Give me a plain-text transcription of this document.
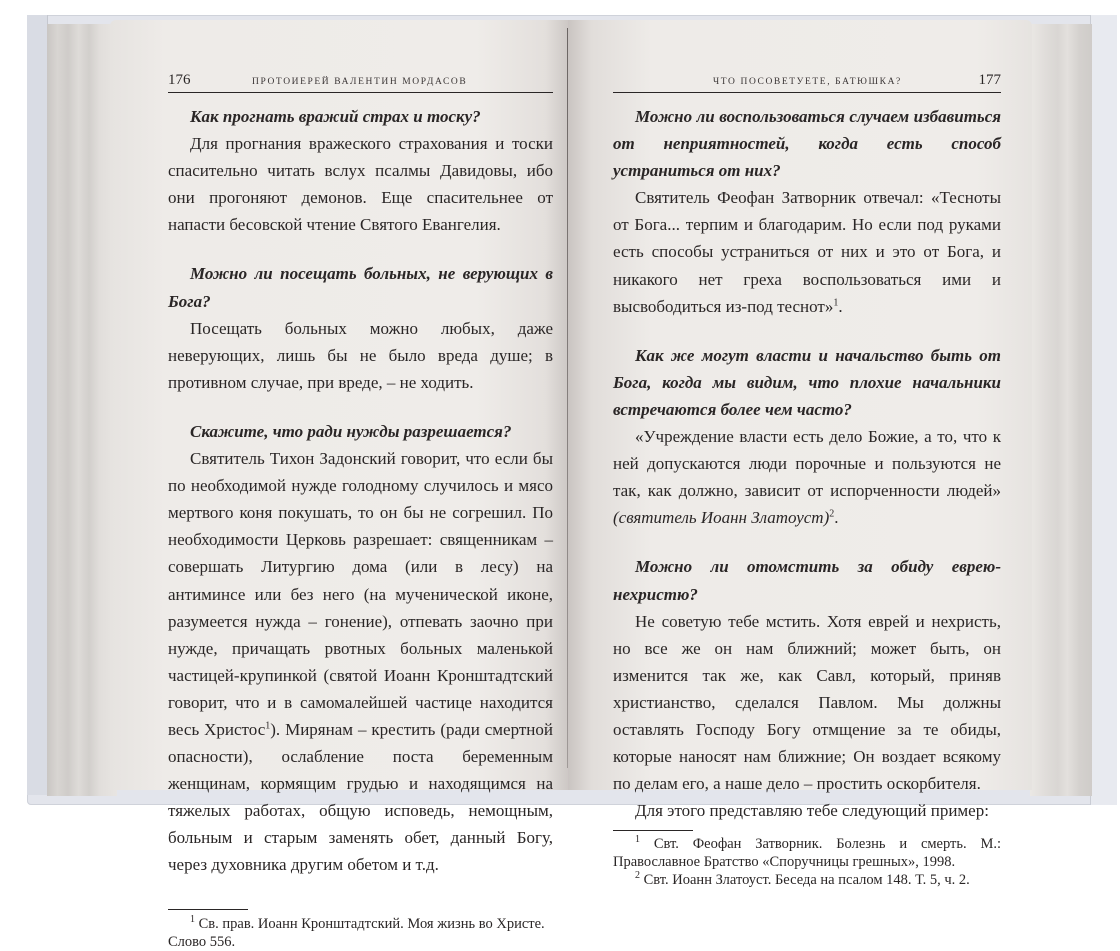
176	ПРОТОИЕРЕЙ ВАЛЕНТИН МОРДАСОВ

Как прогнать вражий страх и тоску?

Для прогнания вражеского страхования и тоски спасительно читать вслух псалмы Давидовы, ибо они прогоняют демонов. Еще спасительнее от напасти бесовской чтение Святого Евангелия.

Можно ли посещать больных, не верующих в Бога?

Посещать больных можно любых, даже неверующих, лишь бы не было вреда душе; в противном случае, при вреде, – не ходить.

Скажите, что ради нужды разрешается?

Святитель Тихон Задонский говорит, что если бы по необходимой нужде голодному случилось и мясо мертвого коня покушать, то он бы не согрешил. По необходимости Церковь разрешает: священникам – совершать Литургию дома (или в лесу) на антиминсе или без него (на мученической иконе, разумеется нужда – гонение), отпевать заочно при нужде, причащать рвотных больных маленькой частицей-крупинкой (святой Иоанн Кронштадтский говорит, что и в самомалейшей частице находится весь Христос$^1$). Мирянам – крестить (ради смертной опасности), ослабление поста беременным женщинам, кормящим грудью и находящимся на тяжелых работах, общую исповедь, немощным, больным и старым заменять обет, данный Богу, через духовника другим обетом и т.д.

$^1$ Св. прав. Иоанн Кронштадтский. Моя жизнь во Христе. Слово 556.

ЧТО ПОСОВЕТУЕТЕ, БАТЮШКА?	177

Можно ли воспользоваться случаем избавиться от неприятностей, когда есть способ устраниться от них?

Святитель Феофан Затворник отвечал: «Тесноты от Бога... терпим и благодарим. Но если под руками есть способы устраниться от них и это от Бога, и никакого нет греха воспользоваться ими и высвободиться из-под теснот»$^1$.

Как же могут власти и начальство быть от Бога, когда мы видим, что плохие начальники встречаются более чем часто?

«Учреждение власти есть дело Божие, а то, что к ней допускаются люди порочные и пользуются не так, как должно, зависит от испорченности людей» (святитель Иоанн Златоуст)$^2$.

Можно ли отомстить за обиду еврею-нехристю?

Не советую тебе мстить. Хотя еврей и нехристь, но все же он нам ближний; может быть, он изменится так же, как Савл, который, приняв христианство, сделался Павлом. Мы должны оставлять Господу Богу отмщение за те обиды, которые наносят нам ближние; Он воздает всякому по делам его, а наше дело – простить оскорбителя.

Для этого представляю тебе следующий пример:

$^1$ Свт. Феофан Затворник. Болезнь и смерть. М.: Православное Братство «Споручницы грешных», 1998.

$^2$ Свт. Иоанн Златоуст. Беседа на псалом 148. Т. 5, ч. 2.
